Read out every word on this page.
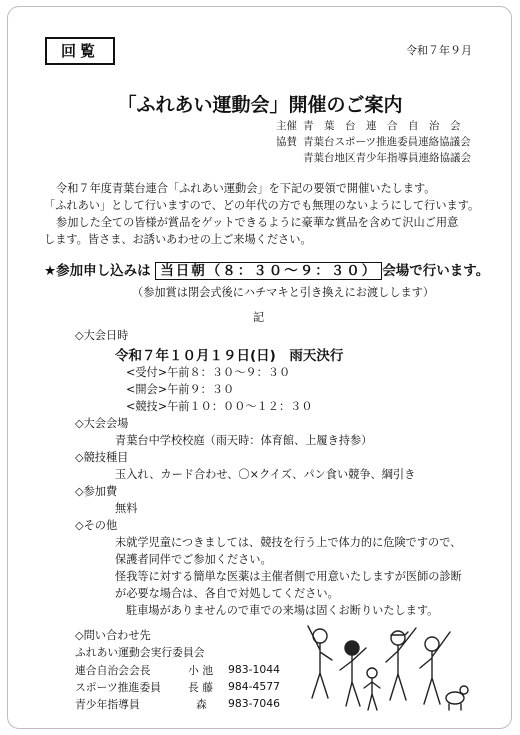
回覧	令和７年９月
「ふれあい運動会」開催のご案内
主催 青　葉　台　連　合　自　治　会
協賛 青葉台スポーツ推進委員連絡協議会
青葉台地区青少年指導員連絡協議会
令和７年度青葉台連合「ふれあい運動会」を下記の要領で開催いたします。
「ふれあい」として行いますので、どの年代の方でも無理のないようにして行います。
参加した全ての皆様が賞品をゲットできるように豪華な賞品を含めて沢山ご用意
します。皆さま、お誘いあわせの上ご来場ください。
★参加申し込みは 当日朝（８：３０～９：３０） 会場で行います。
（参加賞は閉会式後にハチマキと引き換えにお渡しします）
記
◇大会日時
令和７年１０月１９日(日)　雨天決行
<受付>午前８：３０～９：３０
<開会>午前９：３０
<競技>午前１０：００～１２：３０
◇大会会場
青葉台中学校校庭（雨天時：体育館、上履き持参）
◇競技種目
玉入れ、カード合わせ、〇×クイズ、パン食い競争、綱引き
◇参加費
無料
◇その他
未就学児童につきましては、競技を行う上で体力的に危険ですので、
保護者同伴でご参加ください。
怪我等に対する簡単な医薬は主催者側で用意いたしますが医師の診断
が必要な場合は、各自で対処してください。
駐車場がありませんので車での来場は固くお断りいたします。
◇問い合わせ先
ふれあい運動会実行委員会
連合自治会会長	小 池 983-1044
スポーツ推進委員	長 藤 984-4577
青少年指導員	森 983-7046
